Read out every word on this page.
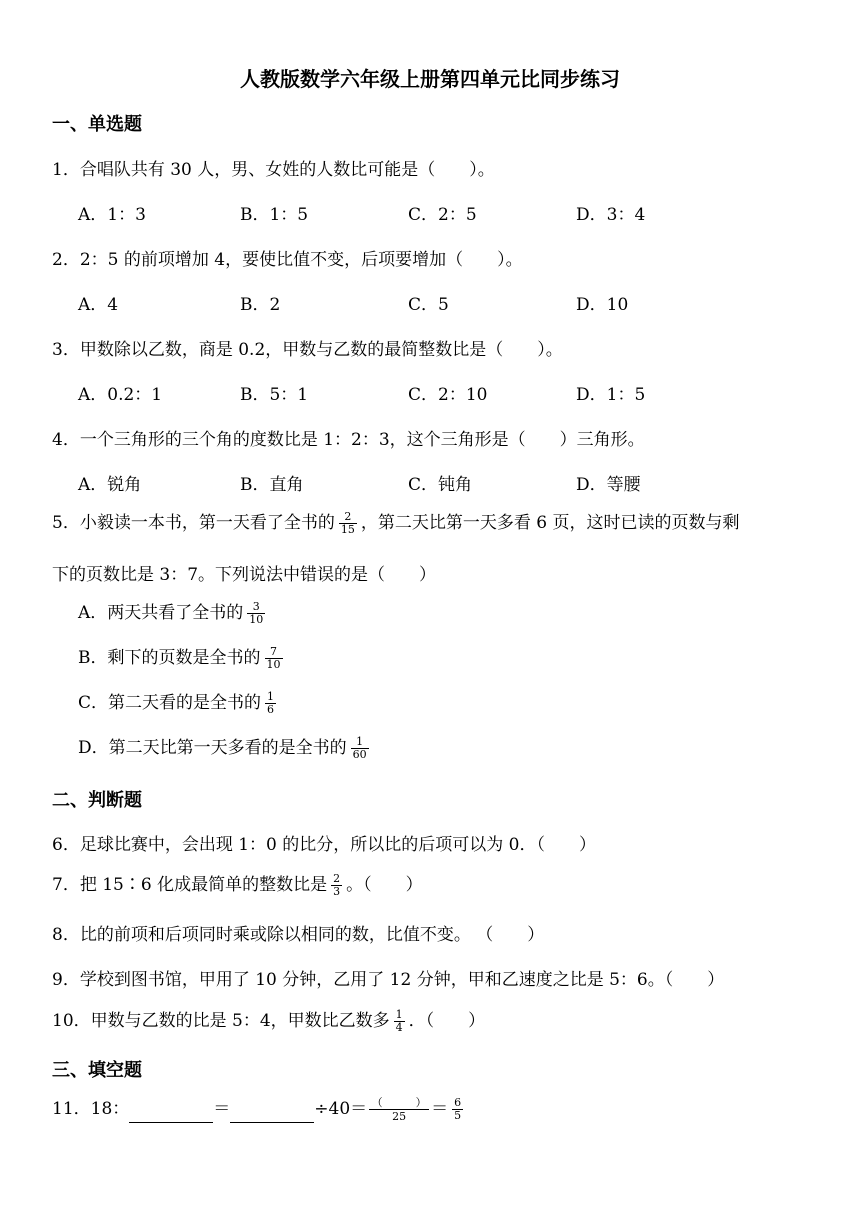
人教版数学六年级上册第四单元比同步练习
一、单选题
1．合唱队共有 30 人，男、女姓的人数比可能是（　　）。
A．1：3	B．1：5	C．2：5	D．3：4
2．2：5 的前项增加 4，要使比值不变，后项要增加（　　）。
A．4	B．2	C．5	D．10
3．甲数除以乙数，商是 0.2，甲数与乙数的最简整数比是（　　）。
A．0.2：1	B．5：1	C．2：10	D．1：5
4．一个三角形的三个角的度数比是 1：2：3，这个三角形是（　　）三角形。
A．锐角	B．直角	C．钝角	D．等腰
5．小毅读一本书，第一天看了全书的 $\frac{2}{15}$ ，第二天比第一天多看 6 页，这时已读的页数与剩
下的页数比是 3：7。下列说法中错误的是（　　）
A．两天共看了全书的 $\frac{3}{10}$
B．剩下的页数是全书的 $\frac{7}{10}$
C．第二天看的是全书的 $\frac{1}{6}$
D．第二天比第一天多看的是全书的 $\frac{1}{60}$
二、判断题
6．足球比赛中，会出现 1：0 的比分，所以比的后项可以为 0．（　　）
7．把 15∶6 化成最简单的整数比是 $\frac{2}{3}$ 。（　　）
8．比的前项和后项同时乘或除以相同的数，比值不变。 （　　）
9．学校到图书馆，甲用了 10 分钟，乙用了 12 分钟，甲和乙速度之比是 5：6。（　　）
10．甲数与乙数的比是 5：4，甲数比乙数多 $\frac{1}{4}$ ．（　　）
三、填空题
11．18：	＝	$\div 40= \frac{( )}{25} = \frac{6}{5}$
